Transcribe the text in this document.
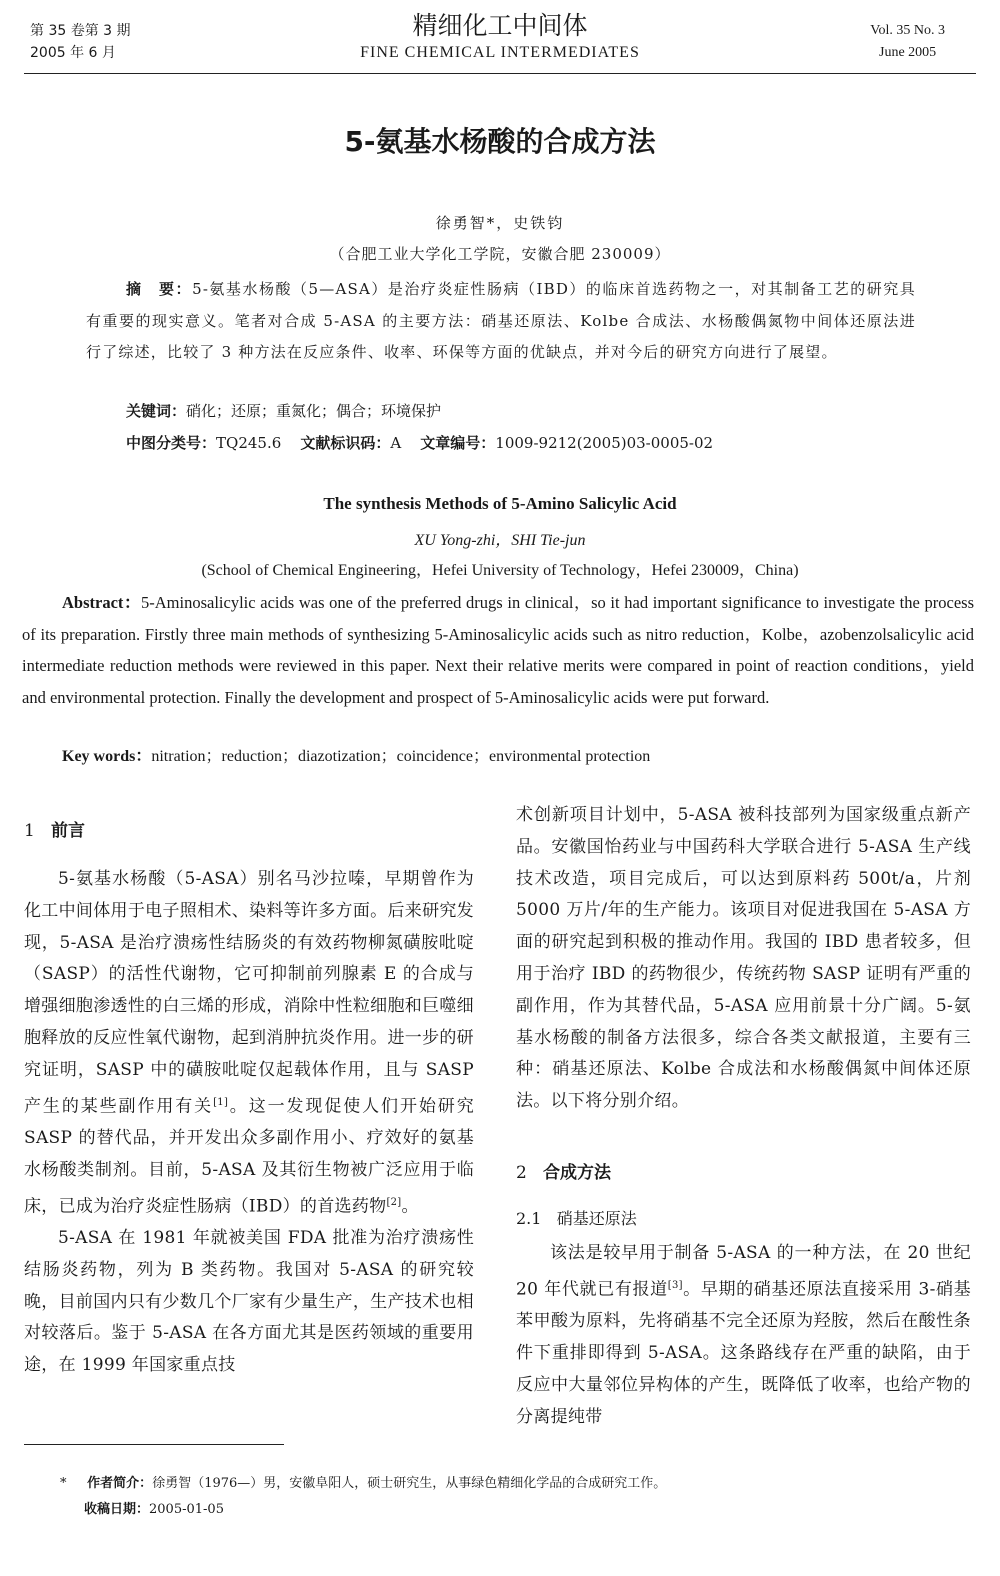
第 35 卷第 3 期
2005 年 6 月
精细化工中间体
FINE CHEMICAL INTERMEDIATES
Vol. 35 No. 3
June 2005
5-氨基水杨酸的合成方法
徐勇智*，史铁钧
（合肥工业大学化工学院，安徽合肥 230009）
摘　要：5-氨基水杨酸（5—ASA）是治疗炎症性肠病（IBD）的临床首选药物之一，对其制备工艺的研究具有重要的现实意义。笔者对合成 5-ASA 的主要方法：硝基还原法、Kolbe 合成法、水杨酸偶氮物中间体还原法进行了综述，比较了 3 种方法在反应条件、收率、环保等方面的优缺点，并对今后的研究方向进行了展望。
关键词：硝化；还原；重氮化；偶合；环境保护
中图分类号：TQ245.6 文献标识码：A 文章编号：1009-9212(2005)03-0005-02
The synthesis Methods of 5-Amino Salicylic Acid
XU Yong-zhi，SHI Tie-jun
(School of Chemical Engineering，Hefei University of Technology，Hefei 230009，China)
Abstract：5-Aminosalicylic acids was one of the preferred drugs in clinical，so it had important significance to investigate the process of its preparation. Firstly three main methods of synthesizing 5-Aminosalicylic acids such as nitro reduction，Kolbe，azobenzolsalicylic acid intermediate reduction methods were reviewed in this paper. Next their relative merits were compared in point of reaction conditions，yield and environmental protection. Finally the development and prospect of 5-Aminosalicylic acids were put forward.
Key words：nitration；reduction；diazotization；coincidence；environmental protection
1 前言

5-氨基水杨酸（5-ASA）别名马沙拉嗪，早期曾作为化工中间体用于电子照相术、染料等许多方面。后来研究发现，5-ASA 是治疗溃疡性结肠炎的有效药物柳氮磺胺吡啶（SASP）的活性代谢物，它可抑制前列腺素 E 的合成与增强细胞渗透性的白三烯的形成，消除中性粒细胞和巨噬细胞释放的反应性氧代谢物，起到消肿抗炎作用。进一步的研究证明，SASP 中的磺胺吡啶仅起载体作用，且与 SASP 产生的某些副作用有关[1]。这一发现促使人们开始研究 SASP 的替代品，并开发出众多副作用小、疗效好的氨基水杨酸类制剂。目前，5-ASA 及其衍生物被广泛应用于临床，已成为治疗炎症性肠病（IBD）的首选药物[2]。

5-ASA 在 1981 年就被美国 FDA 批准为治疗溃疡性结肠炎药物，列为 B 类药物。我国对 5-ASA 的研究较晚，目前国内只有少数几个厂家有少量生产，生产技术也相对较落后。鉴于 5-ASA 在各方面尤其是医药领域的重要用途，在 1999 年国家重点技

术创新项目计划中，5-ASA 被科技部列为国家级重点新产品。安徽国怡药业与中国药科大学联合进行 5-ASA 生产线技术改造，项目完成后，可以达到原料药 500t/a，片剂 5000 万片/年的生产能力。该项目对促进我国在 5-ASA 方面的研究起到积极的推动作用。我国的 IBD 患者较多，但用于治疗 IBD 的药物很少，传统药物 SASP 证明有严重的副作用，作为其替代品，5-ASA 应用前景十分广阔。5-氨基水杨酸的制备方法很多，综合各类文献报道，主要有三种：硝基还原法、Kolbe 合成法和水杨酸偶氮中间体还原法。以下将分别介绍。

2 合成方法
2.1 硝基还原法

该法是较早用于制备 5-ASA 的一种方法，在 20 世纪 20 年代就已有报道[3]。早期的硝基还原法直接采用 3-硝基苯甲酸为原料，先将硝基不完全还原为羟胺，然后在酸性条件下重排即得到 5-ASA。这条路线存在严重的缺陷，由于反应中大量邻位异构体的产生，既降低了收率，也给产物的分离提纯带

* 作者简介：徐勇智（1976—）男，安徽阜阳人，硕士研究生，从事绿色精细化学品的合成研究工作。
收稿日期：2005-01-05
